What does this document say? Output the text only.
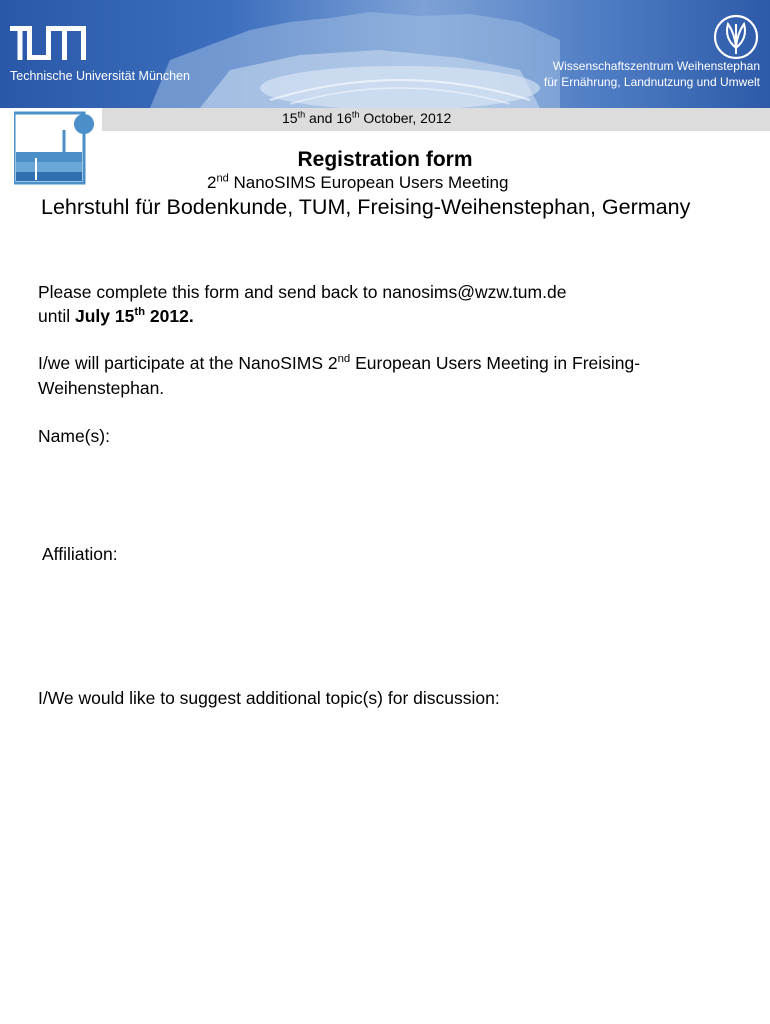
Technische Universität München
Wissenschaftszentrum Weihenstephan
für Ernährung, Landnutzung und Umwelt
15th and 16th October, 2012
Registration form
2nd NanoSIMS European Users Meeting
Lehrstuhl für Bodenkunde, TUM, Freising-Weihenstephan, Germany
Please complete this form and send back to nanosims@wzw.tum.de
until July 15th 2012.
I/we will participate at the NanoSIMS 2nd European Users Meeting in Freising-
Weihenstephan.
Name(s):
Affiliation:
I/We would like to suggest additional topic(s) for discussion:
